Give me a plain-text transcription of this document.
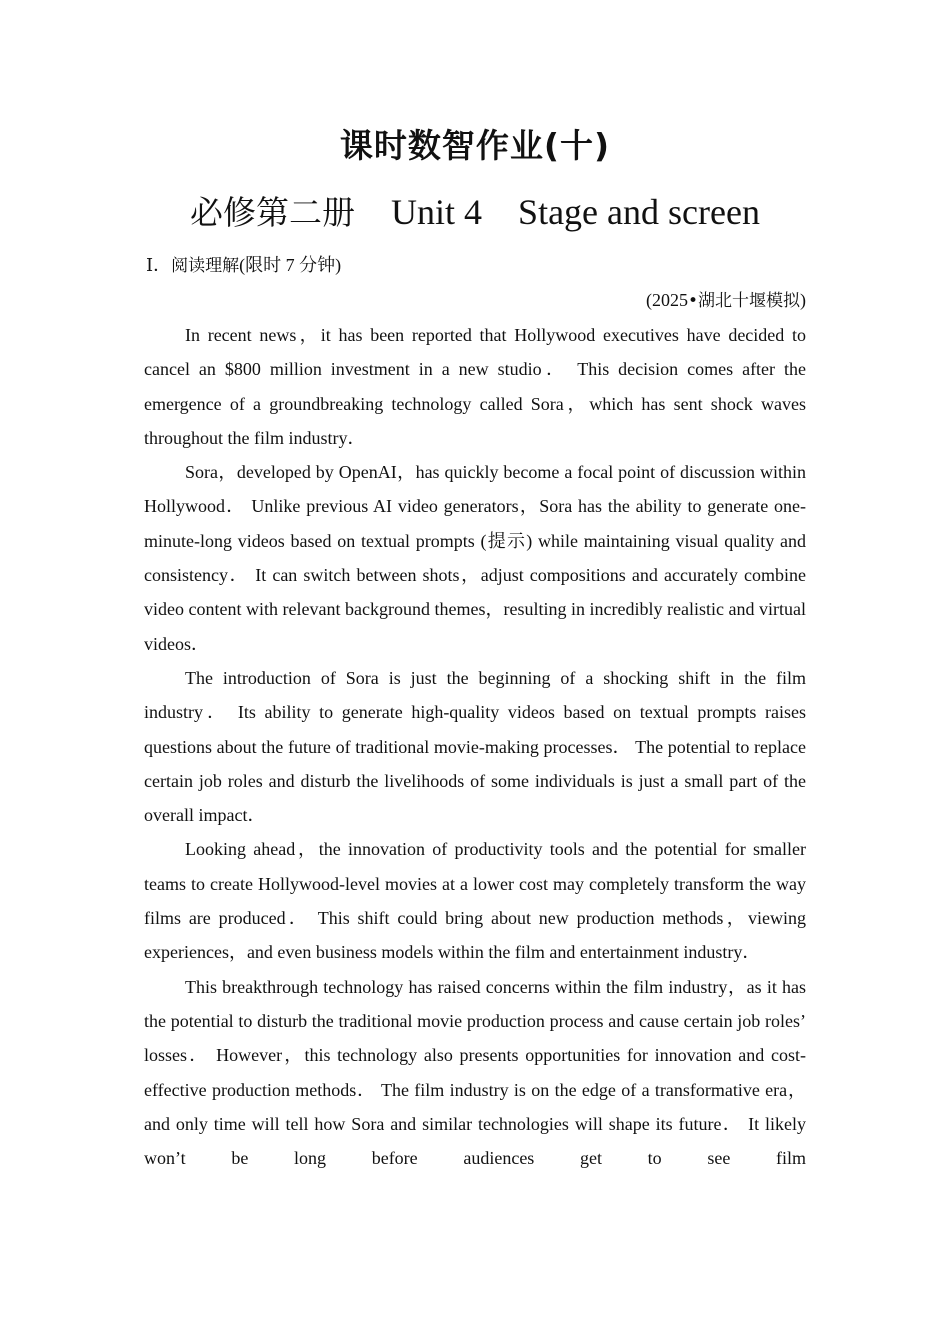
课时数智作业(十)
必修第二册 Unit 4 Stage and screen
Ⅰ．阅读理解(限时 7 分钟)
(2025•湖北十堰模拟)

In recent news，it has been reported that Hollywood executives have decided to cancel an $800 million investment in a new studio． This decision comes after the emergence of a groundbreaking technology called Sora，which has sent shock waves throughout the film industry．

Sora，developed by OpenAI，has quickly become a focal point of discussion within Hollywood． Unlike previous AI video generators，Sora has the ability to generate one-minute-long videos based on textual prompts (提示) while maintaining visual quality and consistency． It can switch between shots，adjust compositions and accurately combine video content with relevant background themes，resulting in incredibly realistic and virtual videos．

The introduction of Sora is just the beginning of a shocking shift in the film industry． Its ability to generate high-quality videos based on textual prompts raises questions about the future of traditional movie-making processes． The potential to replace certain job roles and disturb the livelihoods of some individuals is just a small part of the overall impact．

Looking ahead，the innovation of productivity tools and the potential for smaller teams to create Hollywood-level movies at a lower cost may completely transform the way films are produced． This shift could bring about new production methods，viewing experiences，and even business models within the film and entertainment industry．

This breakthrough technology has raised concerns within the film industry，as it has the potential to disturb the traditional movie production process and cause certain job roles’ losses． However，this technology also presents opportunities for innovation and cost-effective production methods． The film industry is on the edge of a transformative era，and only time will tell how Sora and similar technologies will shape its future． It likely won’t be long before audiences get to see film
